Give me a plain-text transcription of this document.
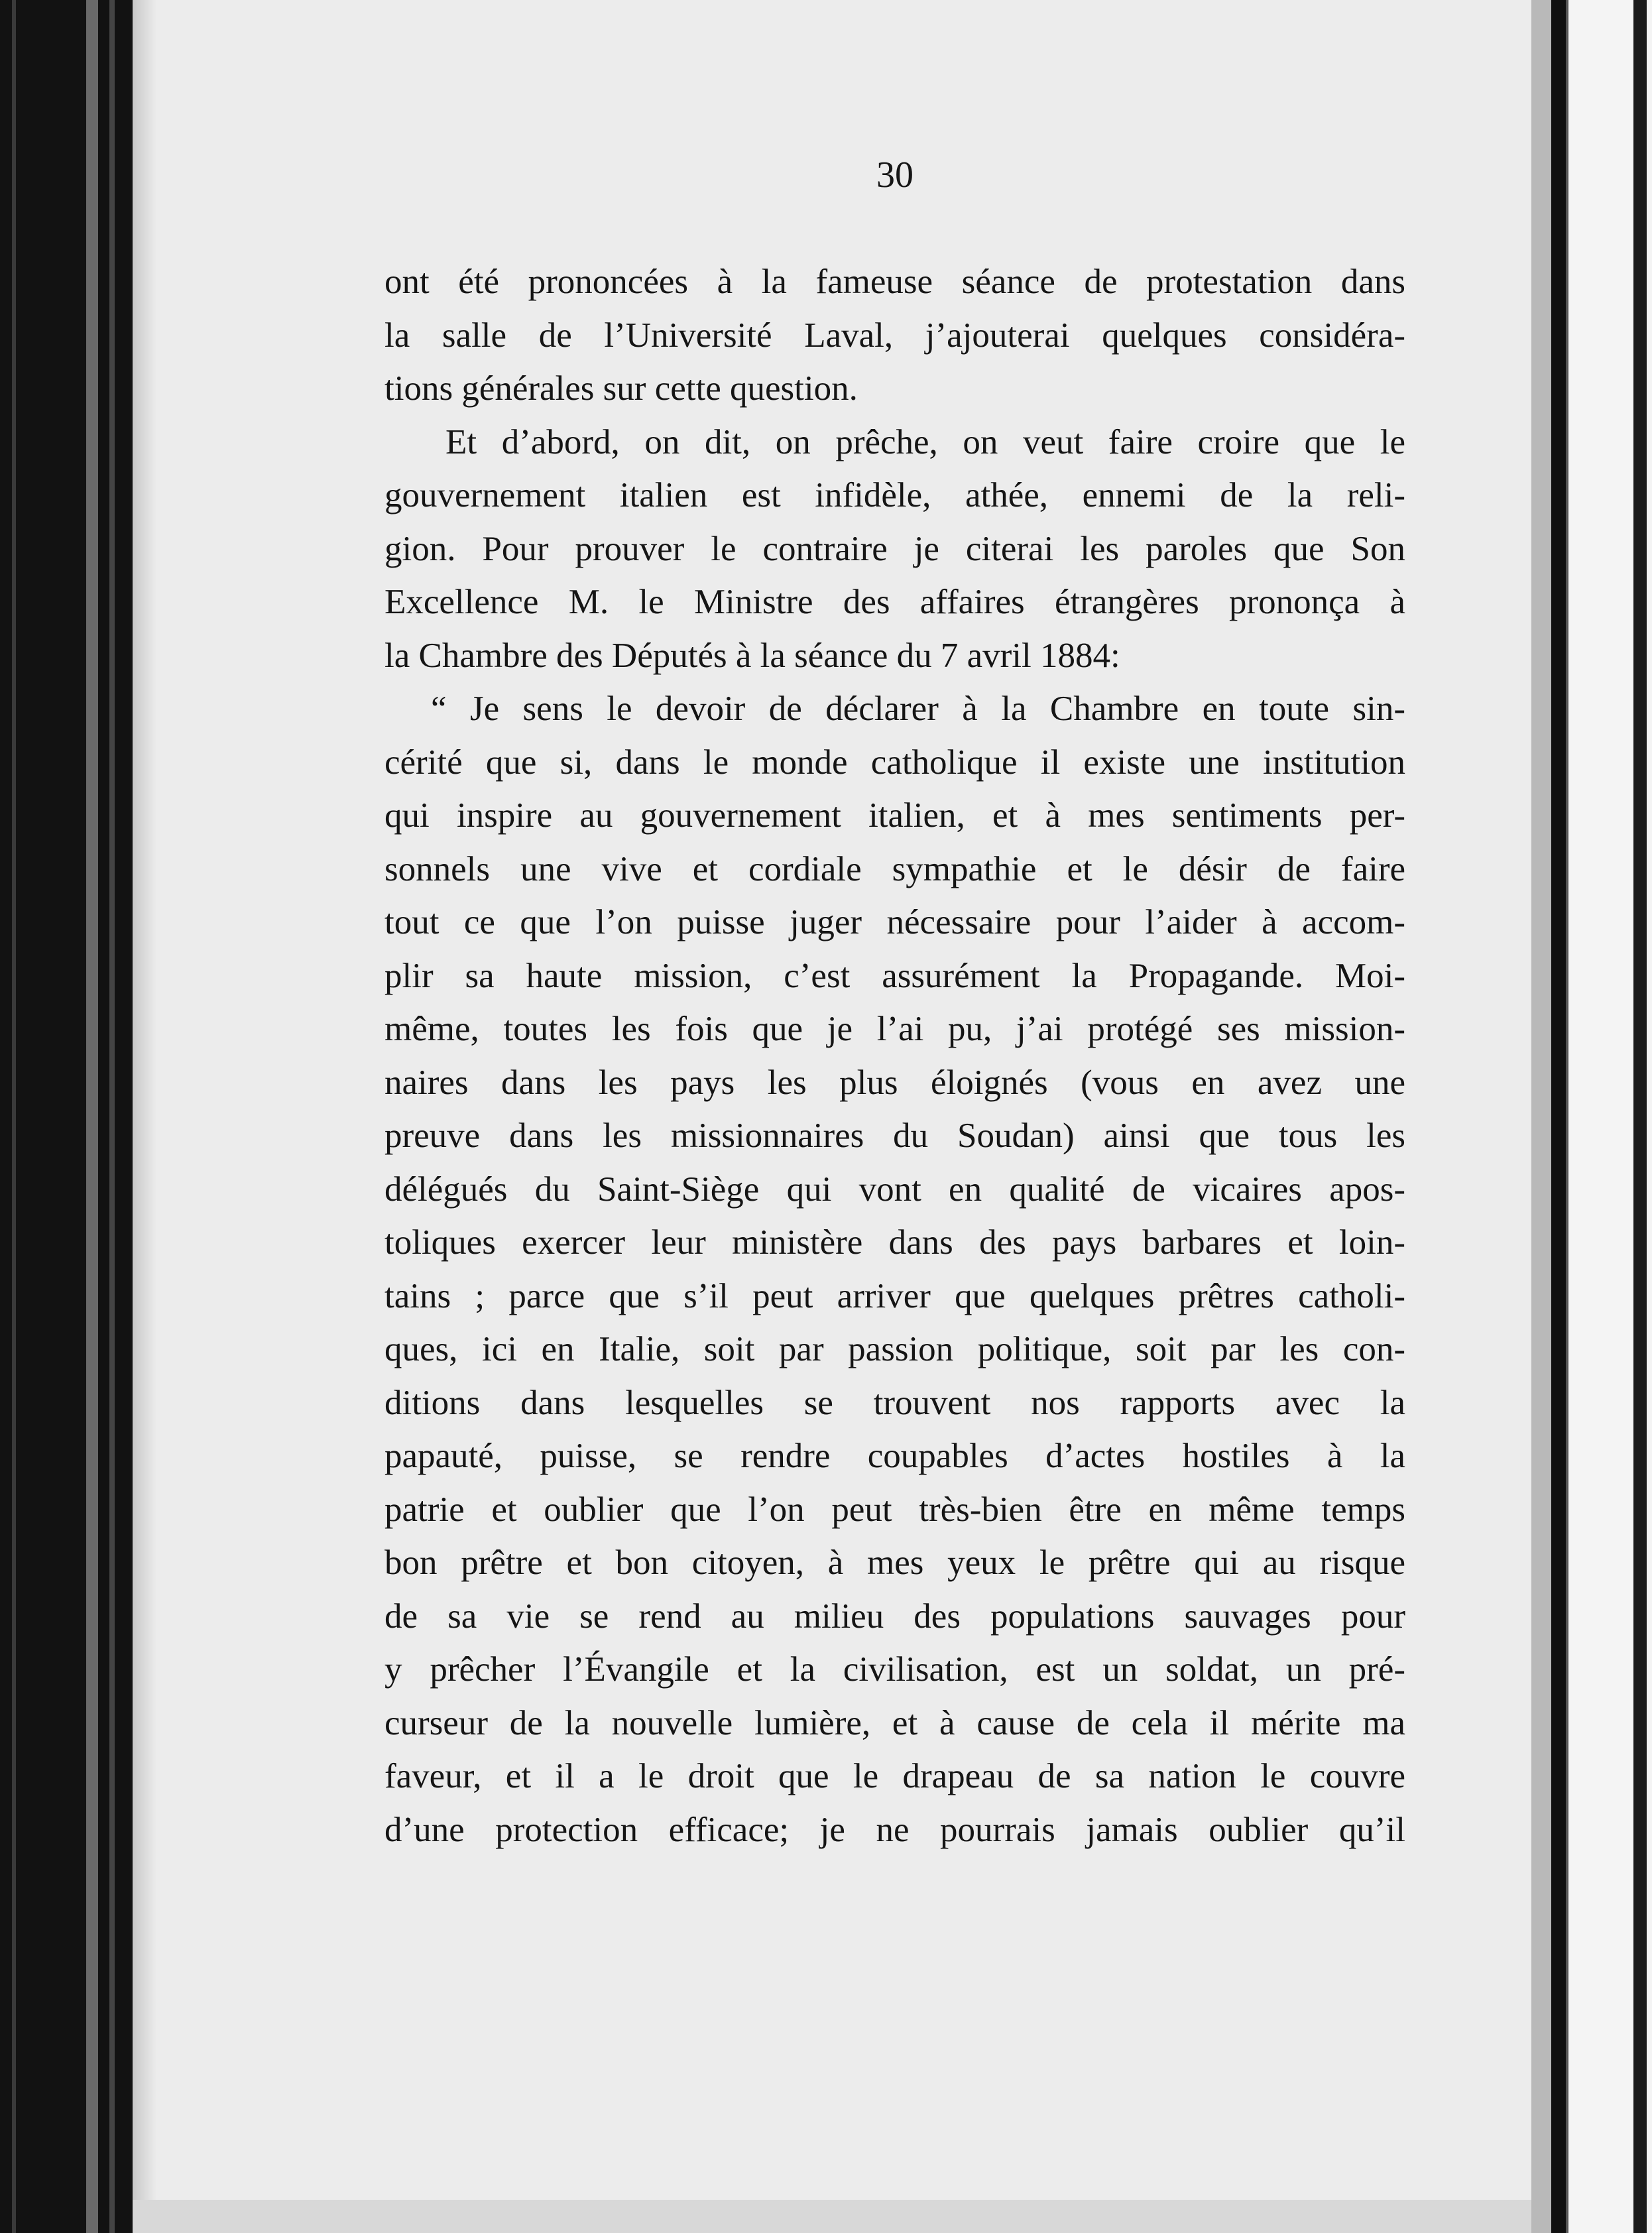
30
ont été prononcées à la fameuse séance de protestation dans
la salle de l’Université Laval, j’ajouterai quelques considéra-
tions générales sur cette question.
Et d’abord, on dit, on prêche, on veut faire croire que le
gouvernement italien est infidèle, athée, ennemi de la reli-
gion. Pour prouver le contraire je citerai les paroles que Son
Excellence M. le Ministre des affaires étrangères prononça à
la Chambre des Députés à la séance du 7 avril 1884:
“ Je sens le devoir de déclarer à la Chambre en toute sin-
cérité que si, dans le monde catholique il existe une institution
qui inspire au gouvernement italien, et à mes sentiments per-
sonnels une vive et cordiale sympathie et le désir de faire
tout ce que l’on puisse juger nécessaire pour l’aider à accom-
plir sa haute mission, c’est assurément la Propagande. Moi-
même, toutes les fois que je l’ai pu, j’ai protégé ses mission-
naires dans les pays les plus éloignés (vous en avez une
preuve dans les missionnaires du Soudan) ainsi que tous les
délégués du Saint-Siège qui vont en qualité de vicaires apos-
toliques exercer leur ministère dans des pays barbares et loin-
tains ; parce que s’il peut arriver que quelques prêtres catholi-
ques, ici en Italie, soit par passion politique, soit par les con-
ditions dans lesquelles se trouvent nos rapports avec la
papauté, puisse, se rendre coupables d’actes hostiles à la
patrie et oublier que l’on peut très-bien être en même temps
bon prêtre et bon citoyen, à mes yeux le prêtre qui au risque
de sa vie se rend au milieu des populations sauvages pour
y prêcher l’Évangile et la civilisation, est un soldat, un pré-
curseur de la nouvelle lumière, et à cause de cela il mérite ma
faveur, et il a le droit que le drapeau de sa nation le couvre
d’une protection efficace; je ne pourrais jamais oublier qu’il
